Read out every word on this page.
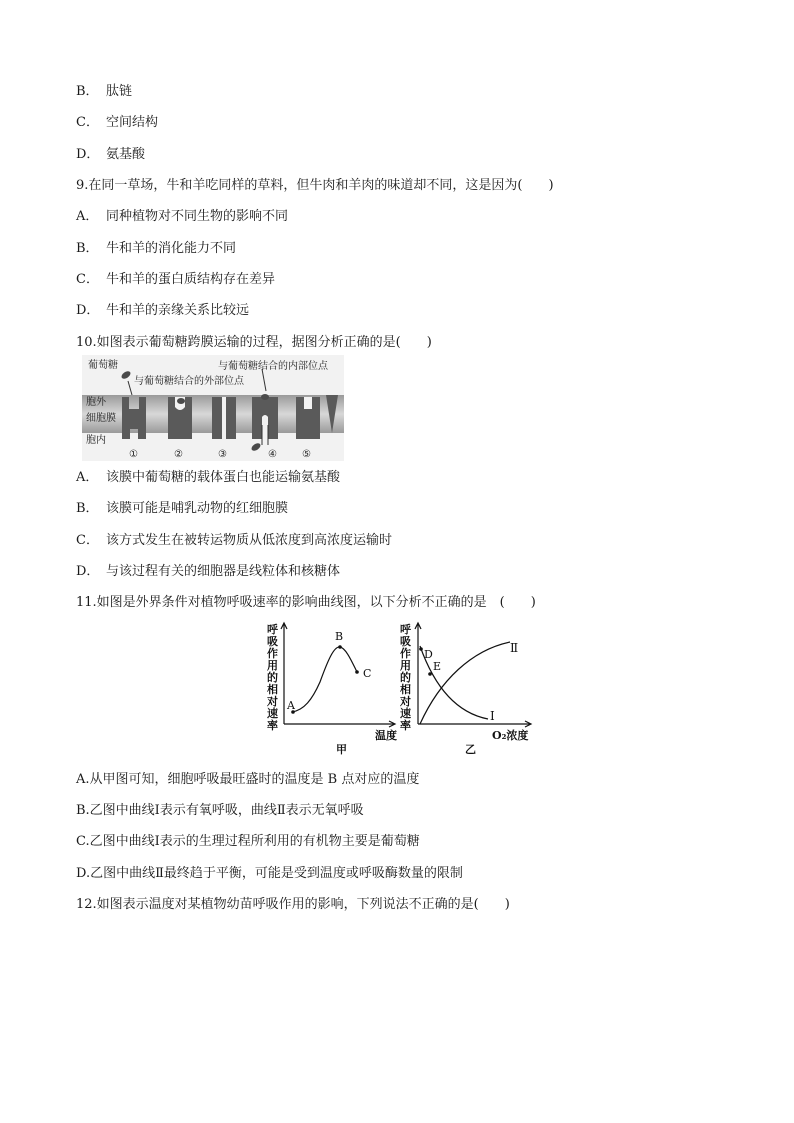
B． 肽链
C． 空间结构
D． 氨基酸
9.在同一草场，牛和羊吃同样的草料，但牛肉和羊肉的味道却不同，这是因为(　　)
A． 同种植物对不同生物的影响不同
B． 牛和羊的消化能力不同
C． 牛和羊的蛋白质结构存在差异
D． 牛和羊的亲缘关系比较远
10.如图表示葡萄糖跨膜运输的过程，据图分析正确的是(　　)
葡萄糖
与葡萄糖结合的外部位点
与葡萄糖结合的内部位点
胞外
细胞膜
胞内
①	②	③	④	⑤
A． 该膜中葡萄糖的载体蛋白也能运输氨基酸
B． 该膜可能是哺乳动物的红细胞膜
C． 该方式发生在被转运物质从低浓度到高浓度运输时
D． 与该过程有关的细胞器是线粒体和核糖体
11.如图是外界条件对植物呼吸速率的影响曲线图，以下分析不正确的是　(　　)
呼
吸
作
用
的
相
对
速
率
A
B
C
温度
甲
呼
吸
作
用
的
相
对
速
率
D
E
Ⅰ
Ⅱ
O₂浓度
乙
A.从甲图可知，细胞呼吸最旺盛时的温度是 B 点对应的温度
B.乙图中曲线Ⅰ表示有氧呼吸，曲线Ⅱ表示无氧呼吸
C.乙图中曲线Ⅰ表示的生理过程所利用的有机物主要是葡萄糖
D.乙图中曲线Ⅱ最终趋于平衡，可能是受到温度或呼吸酶数量的限制
12.如图表示温度对某植物幼苗呼吸作用的影响，下列说法不正确的是(　　)
